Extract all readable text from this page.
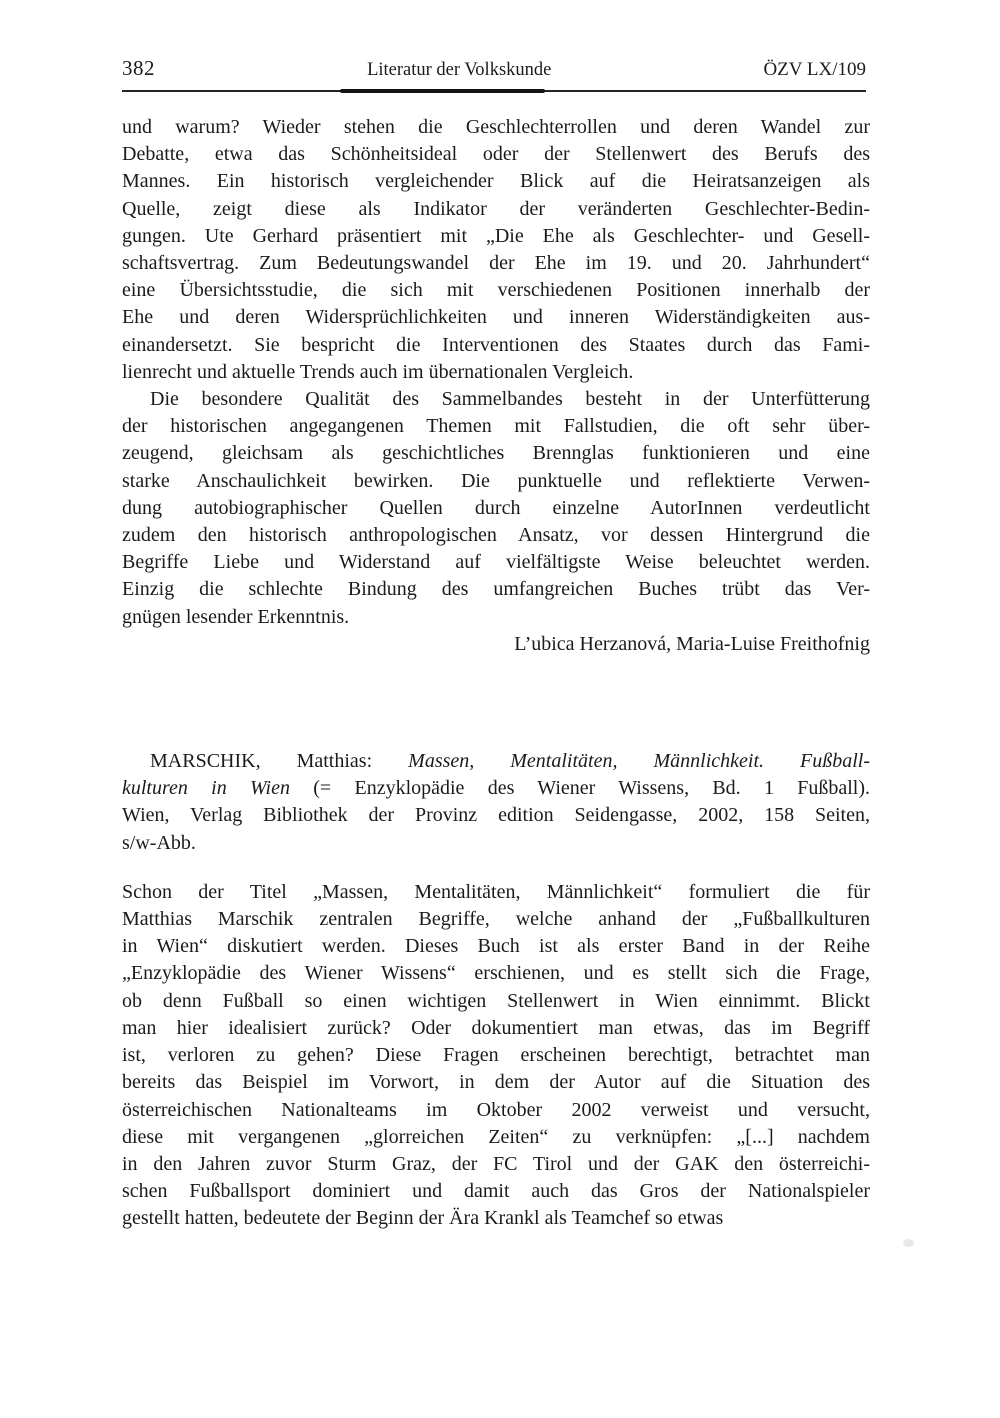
382	Literatur der Volkskunde	ÖZV LX/109
und warum? Wieder stehen die Geschlechterrollen und deren Wandel zur
Debatte, etwa das Schönheitsideal oder der Stellenwert des Berufs des
Mannes. Ein historisch vergleichender Blick auf die Heiratsanzeigen als
Quelle, zeigt diese als Indikator der veränderten Geschlechter-Bedin-
gungen. Ute Gerhard präsentiert mit „Die Ehe als Geschlechter- und Gesell-
schaftsvertrag. Zum Bedeutungswandel der Ehe im 19. und 20. Jahrhundert“
eine Übersichtsstudie, die sich mit verschiedenen Positionen innerhalb der
Ehe und deren Widersprüchlichkeiten und inneren Widerständigkeiten aus-
einandersetzt. Sie bespricht die Interventionen des Staates durch das Fami-
lienrecht und aktuelle Trends auch im übernationalen Vergleich.
Die besondere Qualität des Sammelbandes besteht in der Unterfütterung
der historischen angegangenen Themen mit Fallstudien, die oft sehr über-
zeugend, gleichsam als geschichtliches Brennglas funktionieren und eine
starke Anschaulichkeit bewirken. Die punktuelle und reflektierte Verwen-
dung autobiographischer Quellen durch einzelne AutorInnen verdeutlicht
zudem den historisch anthropologischen Ansatz, vor dessen Hintergrund die
Begriffe Liebe und Widerstand auf vielfältigste Weise beleuchtet werden.
Einzig die schlechte Bindung des umfangreichen Buches trübt das Ver-
gnügen lesender Erkenntnis.
L’ubica Herzanová, Maria-Luise Freithofnig
MARSCHIK, Matthias: Massen, Mentalitäten, Männlichkeit. Fußball-
kulturen in Wien (= Enzyklopädie des Wiener Wissens, Bd. 1 Fußball).
Wien, Verlag Bibliothek der Provinz edition Seidengasse, 2002, 158 Seiten,
s/w-Abb.
Schon der Titel „Massen, Mentalitäten, Männlichkeit“ formuliert die für
Matthias Marschik zentralen Begriffe, welche anhand der „Fußballkulturen
in Wien“ diskutiert werden. Dieses Buch ist als erster Band in der Reihe
„Enzyklopädie des Wiener Wissens“ erschienen, und es stellt sich die Frage,
ob denn Fußball so einen wichtigen Stellenwert in Wien einnimmt. Blickt
man hier idealisiert zurück? Oder dokumentiert man etwas, das im Begriff
ist, verloren zu gehen? Diese Fragen erscheinen berechtigt, betrachtet man
bereits das Beispiel im Vorwort, in dem der Autor auf die Situation des
österreichischen Nationalteams im Oktober 2002 verweist und versucht,
diese mit vergangenen „glorreichen Zeiten“ zu verknüpfen: „[...] nachdem
in den Jahren zuvor Sturm Graz, der FC Tirol und der GAK den österreichi-
schen Fußballsport dominiert und damit auch das Gros der Nationalspieler
gestellt hatten, bedeutete der Beginn der Ära Krankl als Teamchef so etwas
